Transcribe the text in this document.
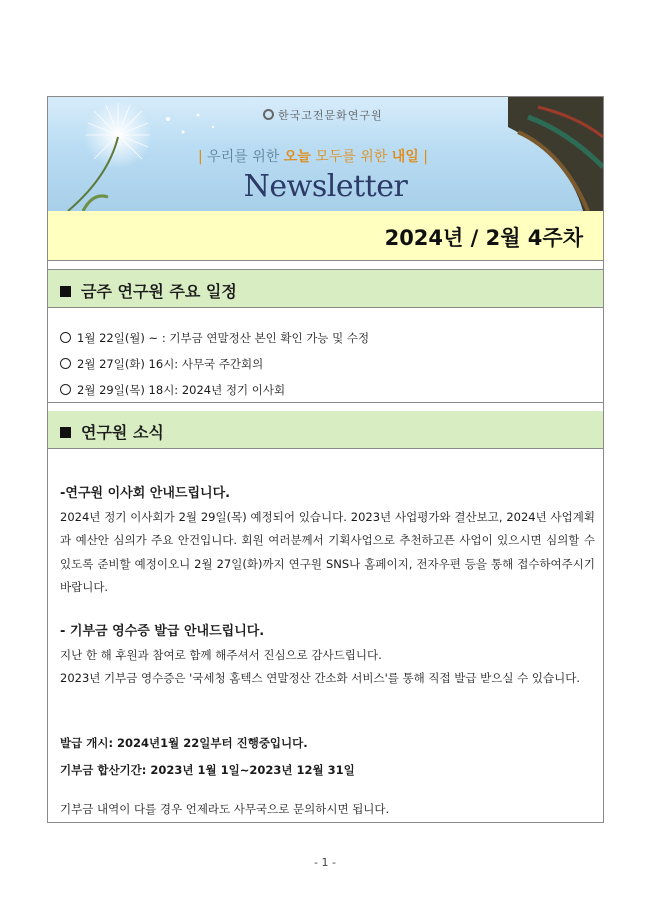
한국고전문화연구원
| 우리를 위한 오늘 모두를 위한 내일 |
Newsletter
2024년 / 2월 4주차
금주 연구원 주요 일정
1월 22일(월) ~ : 기부금 연말정산 본인 확인 가능 및 수정
2월 27일(화) 16시: 사무국 주간회의
2월 29일(목) 18시: 2024년 정기 이사회
연구원 소식
-연구원 이사회 안내드립니다.

2024년 정기 이사회가 2월 29일(목) 예정되어 있습니다. 2023년 사업평가와 결산보고, 2024년 사업계획과 예산안 심의가 주요 안건입니다. 회원 여러분께서 기획사업으로 추천하고픈 사업이 있으시면 심의할 수 있도록 준비할 예정이오니 2월 27일(화)까지 연구원 SNS나 홈페이지, 전자우편 등을 통해 접수하여주시기 바랍니다.

- 기부금 영수증 발급 안내드립니다.

지난 한 해 후원과 참여로 함께 해주셔서 진심으로 감사드립니다.

2023년 기부금 영수증은 '국세청 홈텍스 연말정산 간소화 서비스'를 통해 직접 발급 받으실 수 있습니다.

발급 개시: 2024년1월 22일부터 진행중입니다.

기부금 합산기간: 2023년 1월 1일~2023년 12월 31일

기부금 내역이 다를 경우 언제라도 사무국으로 문의하시면 됩니다.

- 1 -
